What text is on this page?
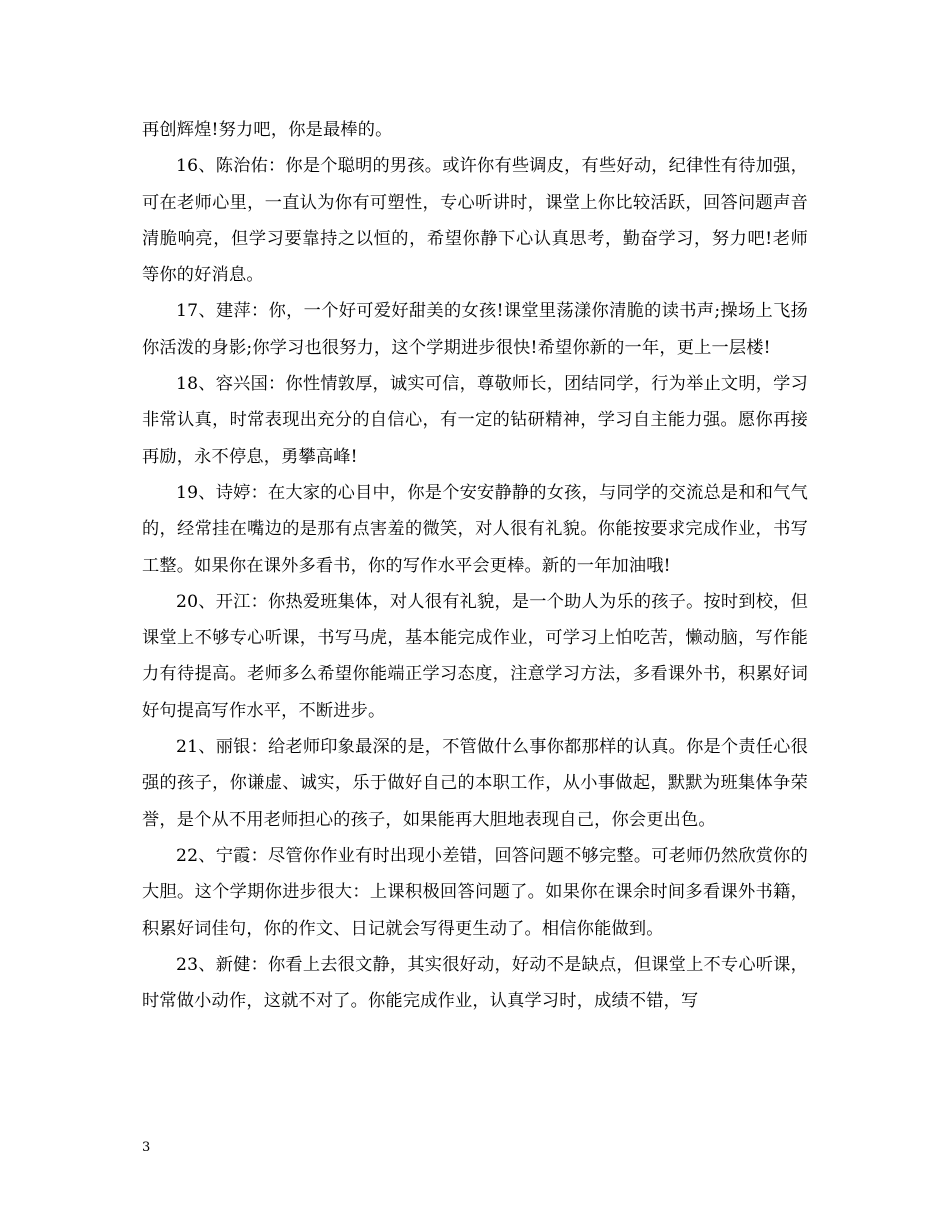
再创辉煌!努力吧，你是最棒的。

16、陈治佑：你是个聪明的男孩。或许你有些调皮，有些好动，纪律性有待加强，可在老师心里，一直认为你有可塑性，专心听讲时，课堂上你比较活跃，回答问题声音清脆响亮，但学习要靠持之以恒的，希望你静下心认真思考，勤奋学习，努力吧!老师等你的好消息。

17、建萍：你，一个好可爱好甜美的女孩!课堂里荡漾你清脆的读书声;操场上飞扬你活泼的身影;你学习也很努力，这个学期进步很快!希望你新的一年，更上一层楼!

18、容兴国：你性情敦厚，诚实可信，尊敬师长，团结同学，行为举止文明，学习非常认真，时常表现出充分的自信心，有一定的钻研精神，学习自主能力强。愿你再接再励，永不停息，勇攀高峰!

19、诗婷：在大家的心目中，你是个安安静静的女孩，与同学的交流总是和和气气的，经常挂在嘴边的是那有点害羞的微笑，对人很有礼貌。你能按要求完成作业，书写工整。如果你在课外多看书，你的写作水平会更棒。新的一年加油哦!

20、开江：你热爱班集体，对人很有礼貌，是一个助人为乐的孩子。按时到校，但课堂上不够专心听课，书写马虎，基本能完成作业，可学习上怕吃苦，懒动脑，写作能力有待提高。老师多么希望你能端正学习态度，注意学习方法，多看课外书，积累好词好句提高写作水平，不断进步。

21、丽银：给老师印象最深的是，不管做什么事你都那样的认真。你是个责任心很强的孩子，你谦虚、诚实，乐于做好自己的本职工作，从小事做起，默默为班集体争荣誉，是个从不用老师担心的孩子，如果能再大胆地表现自己，你会更出色。

22、宁霞：尽管你作业有时出现小差错，回答问题不够完整。可老师仍然欣赏你的大胆。这个学期你进步很大：上课积极回答问题了。如果你在课余时间多看课外书籍，积累好词佳句，你的作文、日记就会写得更生动了。相信你能做到。

23、新健：你看上去很文静，其实很好动，好动不是缺点，但课堂上不专心听课，时常做小动作，这就不对了。你能完成作业，认真学习时，成绩不错，写

3
